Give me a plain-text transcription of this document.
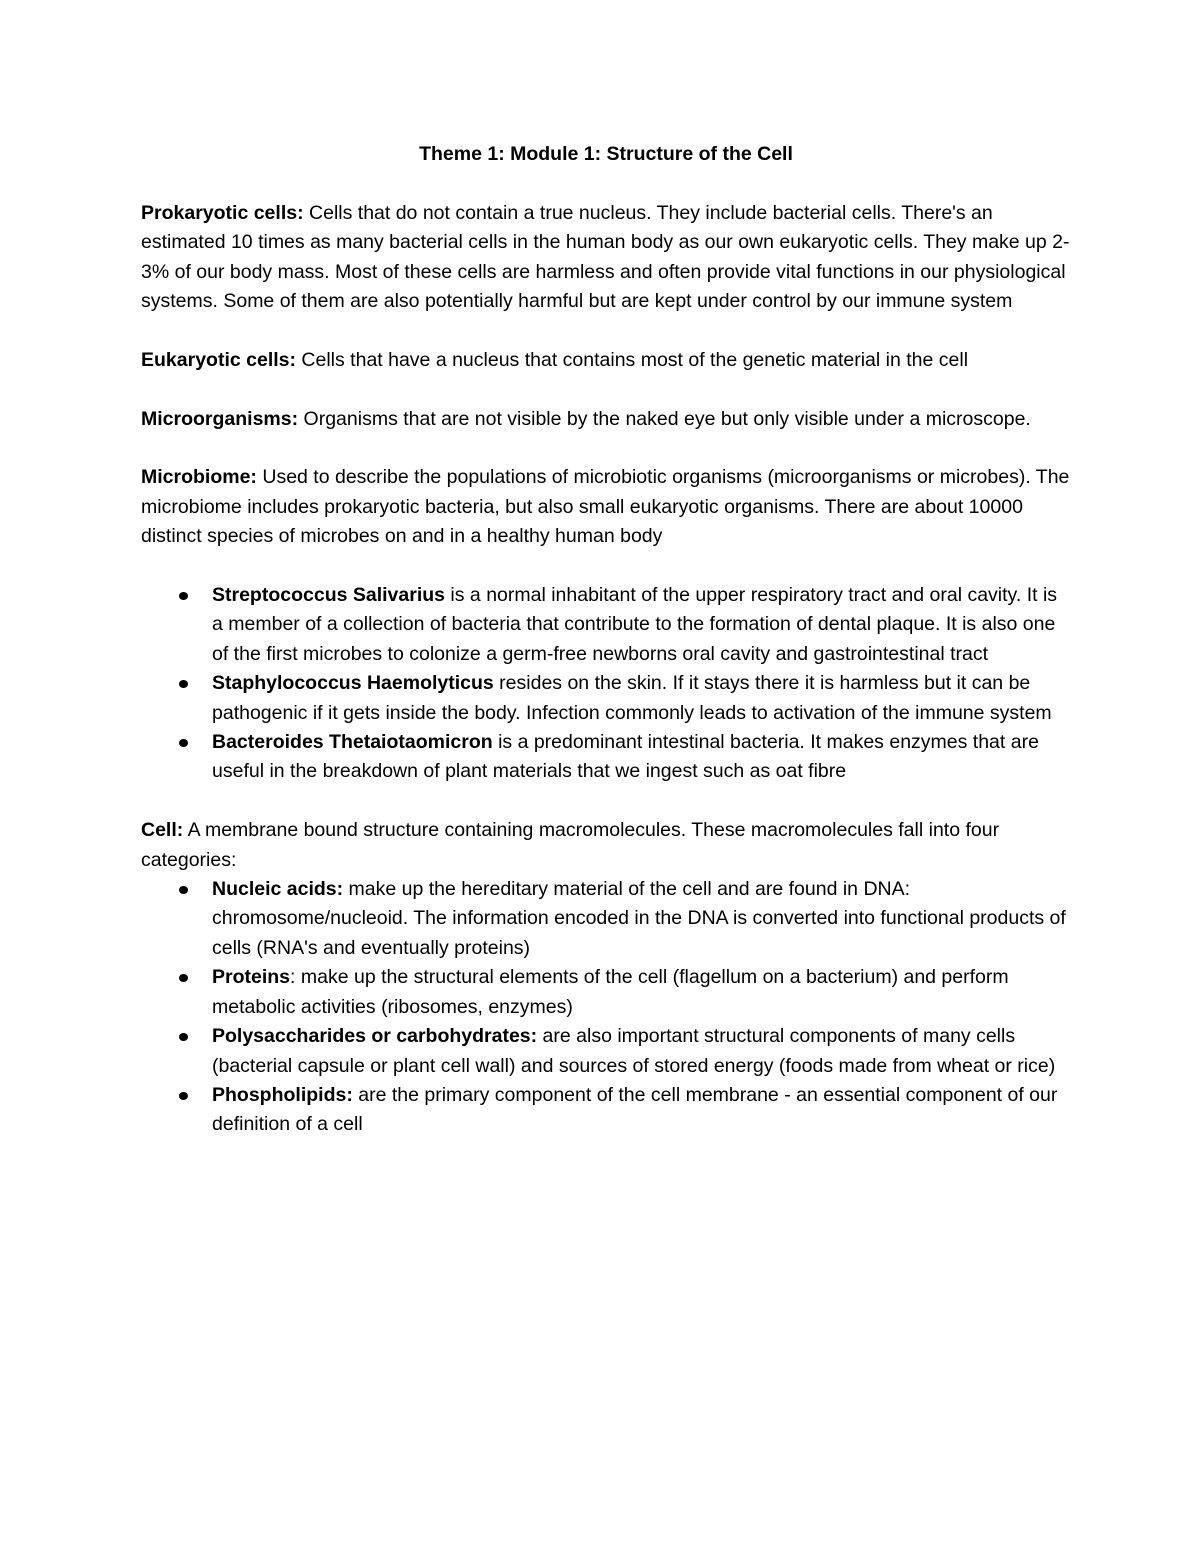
Theme 1: Module 1: Structure of the Cell

Prokaryotic cells: Cells that do not contain a true nucleus. They include bacterial cells. There's an estimated 10 times as many bacterial cells in the human body as our own eukaryotic cells. They make up 2-3% of our body mass. Most of these cells are harmless and often provide vital functions in our physiological systems. Some of them are also potentially harmful but are kept under control by our immune system

Eukaryotic cells: Cells that have a nucleus that contains most of the genetic material in the cell

Microorganisms: Organisms that are not visible by the naked eye but only visible under a microscope.

Microbiome: Used to describe the populations of microbiotic organisms (microorganisms or microbes). The microbiome includes prokaryotic bacteria, but also small eukaryotic organisms. There are about 10000 distinct species of microbes on and in a healthy human body

Streptococcus Salivarius is a normal inhabitant of the upper respiratory tract and oral cavity. It is a member of a collection of bacteria that contribute to the formation of dental plaque. It is also one of the first microbes to colonize a germ-free newborns oral cavity and gastrointestinal tract
Staphylococcus Haemolyticus resides on the skin. If it stays there it is harmless but it can be pathogenic if it gets inside the body. Infection commonly leads to activation of the immune system
Bacteroides Thetaiotaomicron is a predominant intestinal bacteria. It makes enzymes that are useful in the breakdown of plant materials that we ingest such as oat fibre

Cell: A membrane bound structure containing macromolecules. These macromolecules fall into four categories:

Nucleic acids: make up the hereditary material of the cell and are found in DNA: chromosome/nucleoid. The information encoded in the DNA is converted into functional products of cells (RNA's and eventually proteins)
Proteins: make up the structural elements of the cell (flagellum on a bacterium) and perform metabolic activities (ribosomes, enzymes)
Polysaccharides or carbohydrates: are also important structural components of many cells (bacterial capsule or plant cell wall) and sources of stored energy (foods made from wheat or rice)
Phospholipids: are the primary component of the cell membrane - an essential component of our definition of a cell
